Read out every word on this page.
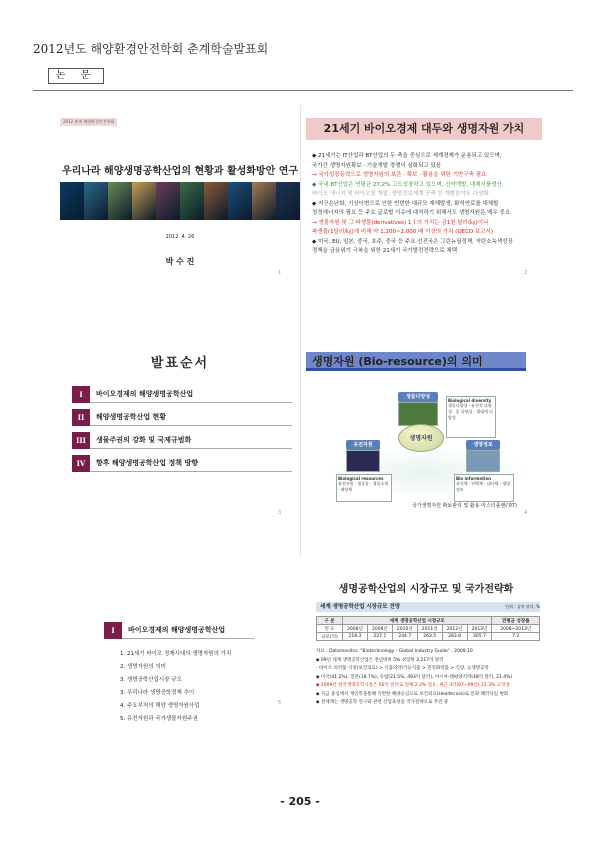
2012년도 해양환경안전학회 춘계학술발표회
논 문
2012 춘계 해양환경안전학회
우리나라 해양생명공학산업의 현황과 활성화방안 연구
2012. 4. 26
박 수 진
1
21세기 바이오경제 대두와 생명자원 가치
◆ 21세기는 IT산업과 BT산업의 두 축을 중심으로 세계경제가 운용되고 있으며,
국가간 생명자원확보 · 기술개발 경쟁이 심화되고 있음
→ 국가성장동력으로 생명자원의 보존 · 확보 · 활용을 위한 기반구축 필요
◆ 국내 BT산업은 연평균 27.2% 고도성장하고 있으며, 신약개발, 대체식품생산,
바이오 에너지 및 바이오칩 개발, 생명정보체계 구축 등 개발분야도 다양화
◆ 지구온난화, 기상이변으로 인한 빈번한 대규모 재해발생, 화석연료를 대체할
청정에너지의 필요 등 주요 글로벌 이슈에 대처하기 위해서도 생명자원은 매우 중요
→ 생물자원 및 그 파생물(derivatives) 1ㅓ의 가치는 금1천 달러(㎏)이나
파생물(1달러/㎏)에 비해 약 1,200~2,000 배 이상의 가치 (OECD 보고서)
◆ 미국, EU, 일본, 중국, 호주, 중국 등 주요 선진국은 그린뉴딜정책, 저탄소녹색성장
정책을 금융위기 극복을 위한 21세기 국가발전전략으로 채택
2
발표순서
I	바이오경제의 해양생명공학산업
II	해양생명공학산업 현황
III	생물주권의 강화 및 국제규범화
IV	향후 해양생명공학산업 정책 방향
3
생명자원 (Bio-resource)의 의미
생물다양성
Biological diversity
생물다양성 · 유전적 다양성 · 종 다양성 · 생태계 다양성
유전자원
Biological resources
유전자원 · 생물종 · 생물소재 · 배양체
생명자원
생명정보
Bio information
유전체 · 단백체 · 대사체 · 생명정보
국가생명자원 확보관리 및 활용 마스터플랜('07)
4
I	바이오경제의 해양생명공학산업
1. 21세기 바이오 경제시대의 생명자원의 가치
2. 생명자원의 의미
3. 생명공학산업시장 규모
3. 우리나라 생명공학정책 추이
4. 주요부처의 해양 생명자원사업
5. 유전자원과 국가생물자원주권
5
생명공학산업의 시장규모 및 국가전략화
세계 생명공학산업 시장규모 전망	단위 : 십억 달러, %
구 분	세계 생명공학산업 시장규모						연평균 성장률
연 도	2008년	2009년	2010년	2011년	2012년	2013년	2008~2013년
규모(억)	218.3	227.1	244.7	263.5	283.8	305.7	7.2
자료 : Datamonitor, "Biotechnology : Global Industry Guide" , 2009.10
◆ 09년 세계 생명공학산업은 전년대비 5% 성장한 2,217억 달러
- 바이오 의약품 시장(보건의료) > 식품의약/기능식품 > 전연화장품 > 식량, 농생명공학
◆ 미국(41.2%), 일본(18.7%), 유럽(21.5%, 493억 달러), 아시아-태평양지역(48억 달러, 21.4%)
◆ 2009년 한국생명공학시장은 56억 달러로 전체 2.2% 점유, 최근 3년(07~09년) 21.3% 고성장
◆ 지금 중심에서 게인복을통해 기반한 해양응심으로 보건의료(Healthcare)로 문화 패러다임 변화
◆ 전세계는 생명공학 연구와 관련 산업육성을 국가전략으로 추진 중
- 205 -
